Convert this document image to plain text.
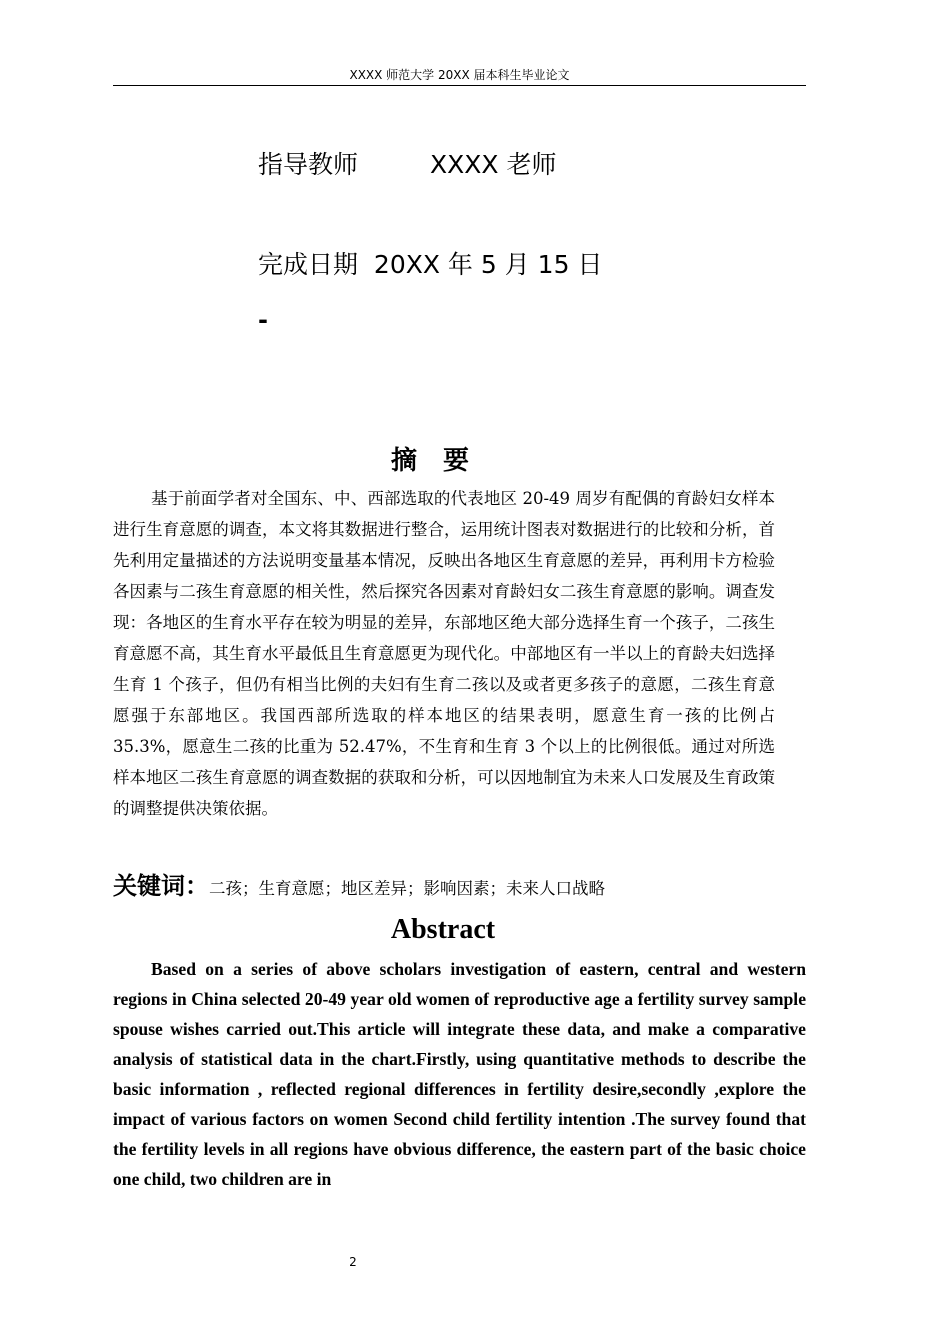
XXXX 师范大学 20XX 届本科生毕业论文
指导教师	XXXX 老师
完成日期 20XX 年 5 月 15 日
-
摘要

基于前面学者对全国东、中、西部选取的代表地区 20-49 周岁有配偶的育龄妇女样本进行生育意愿的调查，本文将其数据进行整合，运用统计图表对数据进行的比较和分析，首先利用定量描述的方法说明变量基本情况，反映出各地区生育意愿的差异，再利用卡方检验各因素与二孩生育意愿的相关性，然后探究各因素对育龄妇女二孩生育意愿的影响。调查发现：各地区的生育水平存在较为明显的差异，东部地区绝大部分选择生育一个孩子，二孩生育意愿不高，其生育水平最低且生育意愿更为现代化。中部地区有一半以上的育龄夫妇选择生育 1 个孩子，但仍有相当比例的夫妇有生育二孩以及或者更多孩子的意愿，二孩生育意愿强于东部地区。我国西部所选取的样本地区的结果表明，愿意生育一孩的比例占 35.3%，愿意生二孩的比重为 52.47%，不生育和生育 3 个以上的比例很低。通过对所选样本地区二孩生育意愿的调查数据的获取和分析，可以因地制宜为未来人口发展及生育政策的调整提供决策依据。

关键词：二孩；生育意愿；地区差异；影响因素；未来人口战略
Abstract

Based on a series of above scholars investigation of eastern, central and western regions in China selected 20-49 year old women of reproductive age a fertility survey sample spouse wishes carried out.This article will integrate these data, and make a comparative analysis of statistical data in the chart.Firstly, using quantitative methods to describe the basic information , reflected regional differences in fertility desire,secondly ,explore the impact of various factors on women Second child fertility intention .The survey found that the fertility levels in all regions have obvious difference, the eastern part of the basic choice one child, two children are in

2
